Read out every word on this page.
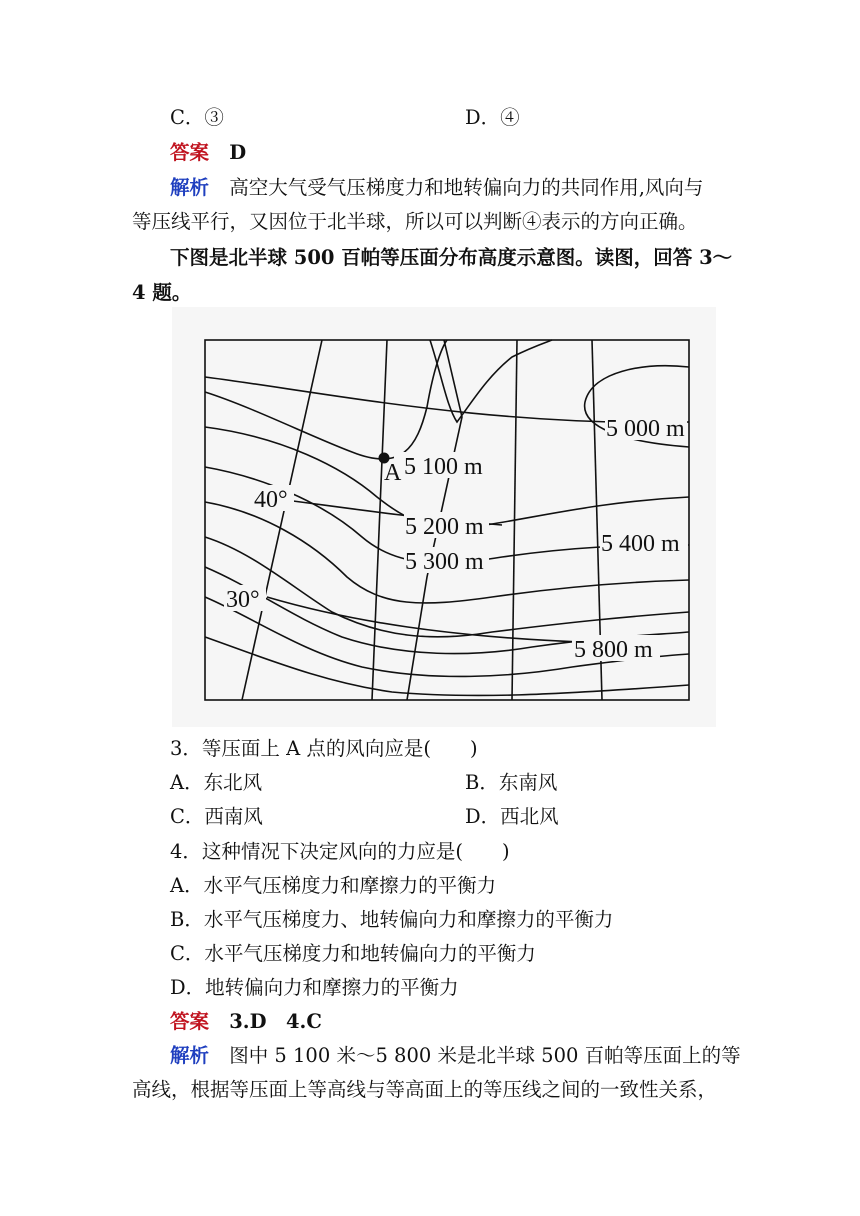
C．③	D．④
答案 D
解析 高空大气受气压梯度力和地转偏向力的共同作用,风向与
等压线平行，又因位于北半球，所以可以判断④表示的方向正确。
下图是北半球 500 百帕等压面分布高度示意图。读图，回答 3～
4 题。
A
5 000 m
5 100 m
5 200 m
5 300 m
5 400 m
5 800 m
40°
30°
3．等压面上 A 点的风向应是(　　)
A．东北风	B．东南风
C．西南风	D．西北风
4．这种情况下决定风向的力应是(　　)
A．水平气压梯度力和摩擦力的平衡力
B．水平气压梯度力、地转偏向力和摩擦力的平衡力
C．水平气压梯度力和地转偏向力的平衡力
D．地转偏向力和摩擦力的平衡力
答案 3.D　4.C
解析 图中 5 100 米～5 800 米是北半球 500 百帕等压面上的等
高线，根据等压面上等高线与等高面上的等压线之间的一致性关系，
